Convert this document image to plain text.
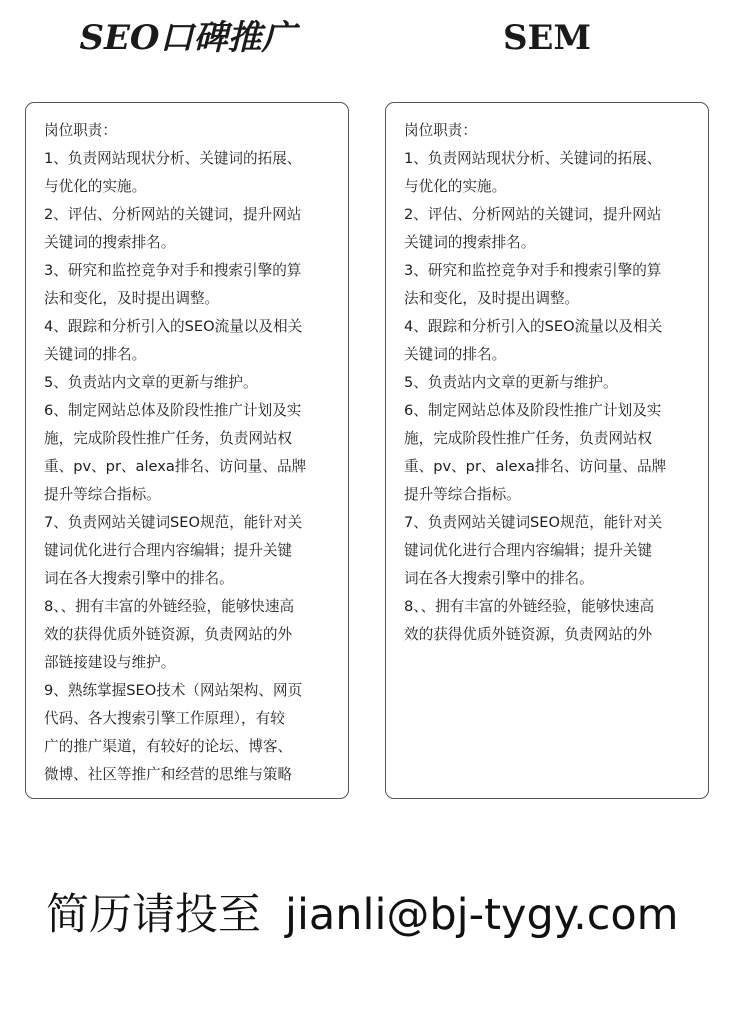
SEO口碑推广	SEM
岗位职责：
1、负责网站现状分析、关键词的拓展、
与优化的实施。
2、评估、分析网站的关键词，提升网站
关键词的搜索排名。
3、研究和监控竞争对手和搜索引擎的算
法和变化，及时提出调整。
4、跟踪和分析引入的SEO流量以及相关
关键词的排名。
5、负责站内文章的更新与维护。
6、制定网站总体及阶段性推广计划及实
施，完成阶段性推广任务，负责网站权
重、pv、pr、alexa排名、访问量、品牌
提升等综合指标。
7、负责网站关键词SEO规范，能针对关
键词优化进行合理内容编辑；提升关键
词在各大搜索引擎中的排名。
8、、拥有丰富的外链经验，能够快速高
效的获得优质外链资源，负责网站的外
部链接建设与维护。
9、熟练掌握SEO技术（网站架构、网页
代码、各大搜索引擎工作原理），有较
广的推广渠道，有较好的论坛、博客、
微博、社区等推广和经营的思维与策略
岗位职责：
1、负责网站现状分析、关键词的拓展、
与优化的实施。
2、评估、分析网站的关键词，提升网站
关键词的搜索排名。
3、研究和监控竞争对手和搜索引擎的算
法和变化，及时提出调整。
4、跟踪和分析引入的SEO流量以及相关
关键词的排名。
5、负责站内文章的更新与维护。
6、制定网站总体及阶段性推广计划及实
施，完成阶段性推广任务，负责网站权
重、pv、pr、alexa排名、访问量、品牌
提升等综合指标。
7、负责网站关键词SEO规范，能针对关
键词优化进行合理内容编辑；提升关键
词在各大搜索引擎中的排名。
8、、拥有丰富的外链经验，能够快速高
效的获得优质外链资源，负责网站的外
简历请投至 jianli@bj-tygy.com
